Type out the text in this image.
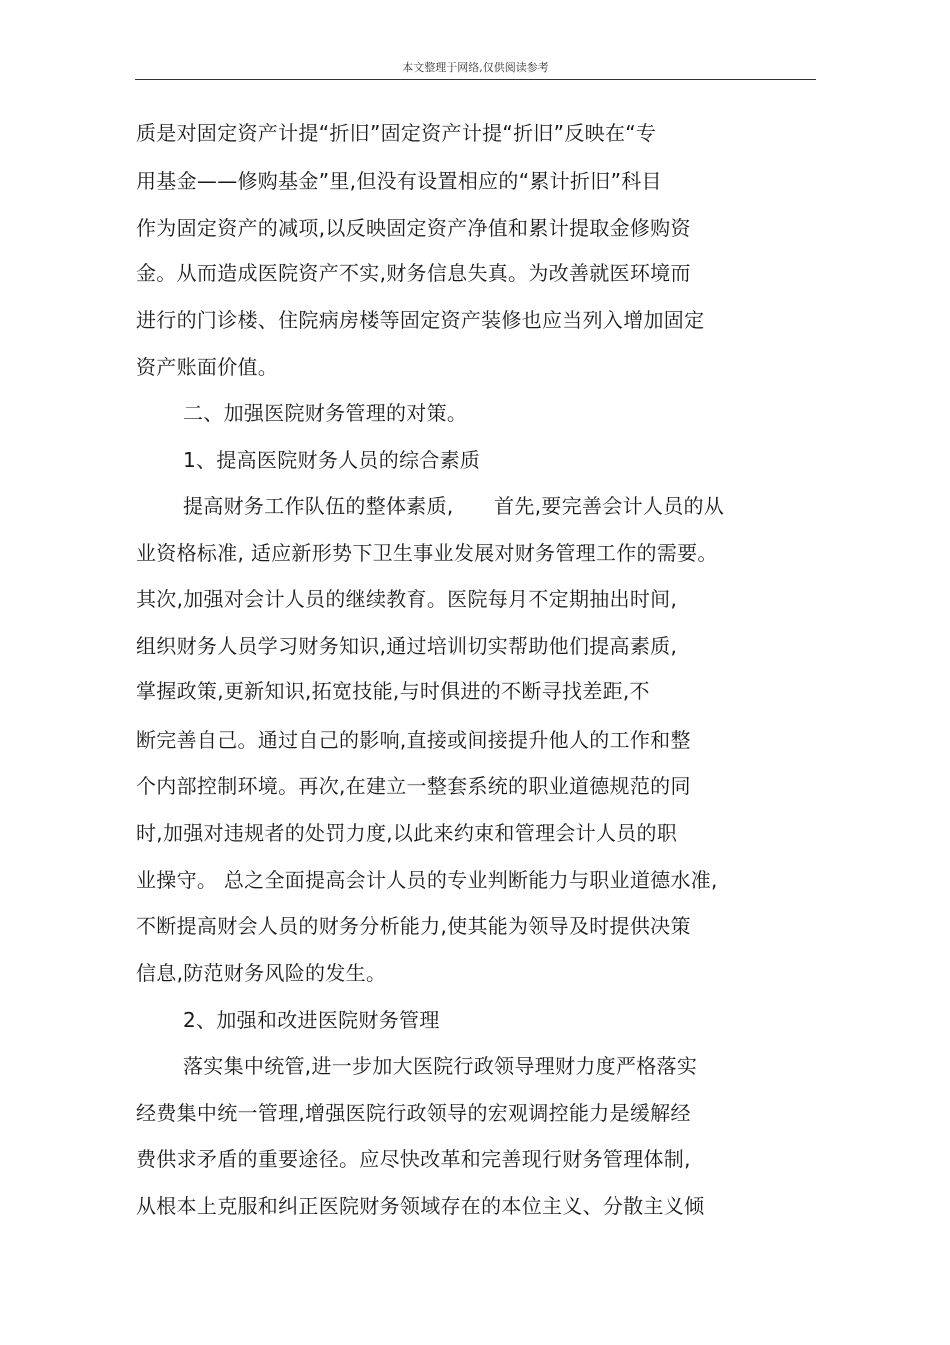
本文整理于网络,仅供阅读参考
质是对固定资产计提“折旧”固定资产计提“折旧”反映在“专
用基金——修购基金”里,但没有设置相应的“累计折旧”科目
作为固定资产的减项,以反映固定资产净值和累计提取金修购资
金。从而造成医院资产不实,财务信息失真。为改善就医环境而
进行的门诊楼、住院病房楼等固定资产装修也应当列入增加固定
资产账面价值。
二、加强医院财务管理的对策。
1、提高医院财务人员的综合素质
提高财务工作队伍的整体素质,　　首先,要完善会计人员的从
业资格标准, 适应新形势下卫生事业发展对财务管理工作的需要。
其次,加强对会计人员的继续教育。医院每月不定期抽出时间,
组织财务人员学习财务知识,通过培训切实帮助他们提高素质,
掌握政策,更新知识,拓宽技能,与时俱进的不断寻找差距,不
断完善自己。通过自己的影响,直接或间接提升他人的工作和整
个内部控制环境。再次,在建立一整套系统的职业道德规范的同
时,加强对违规者的处罚力度,以此来约束和管理会计人员的职
业操守。 总之全面提高会计人员的专业判断能力与职业道德水准,
不断提高财会人员的财务分析能力,使其能为领导及时提供决策
信息,防范财务风险的发生。
2、加强和改进医院财务管理
落实集中统管,进一步加大医院行政领导理财力度严格落实
经费集中统一管理,增强医院行政领导的宏观调控能力是缓解经
费供求矛盾的重要途径。应尽快改革和完善现行财务管理体制,
从根本上克服和纠正医院财务领域存在的本位主义、分散主义倾
